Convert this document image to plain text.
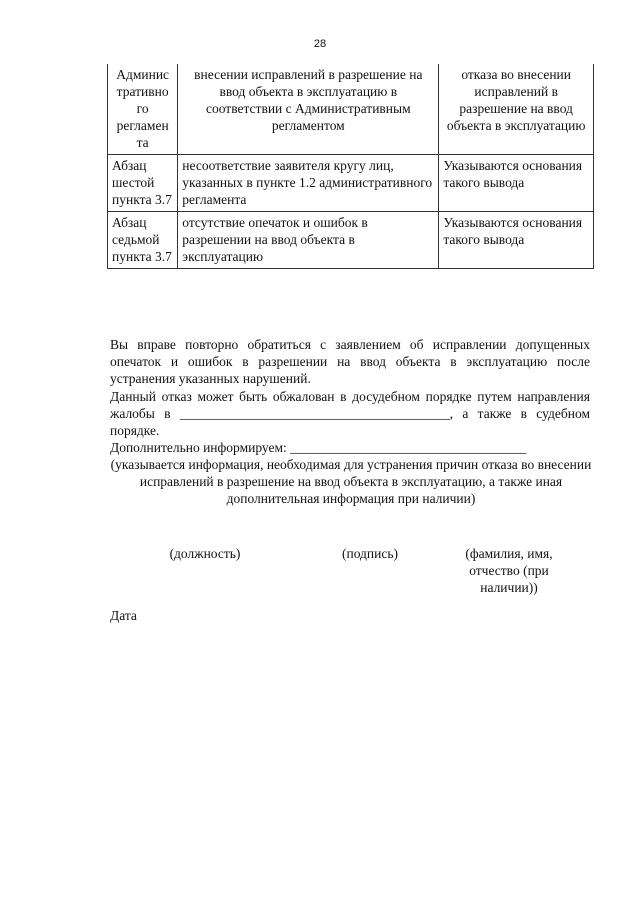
28
Админис тративно го регламен та	внесении исправлений в разрешение на ввод объекта в эксплуатацию в соответствии с Административным регламентом	отказа во внесении исправлений в разрешение на ввод объекта в эксплуатацию
Абзац шестой пункта 3.7	несоответствие заявителя кругу лиц, указанных в пункте 1.2 административного регламента	Указываются основания такого вывода
Абзац седьмой пункта 3.7	отсутствие опечаток и ошибок в разрешении на ввод объекта в эксплуатацию	Указываются основания такого вывода
Вы вправе повторно обратиться с заявлением об исправлении допущенных опечаток и ошибок в разрешении на ввод объекта в эксплуатацию после устранения указанных нарушений.
Данный отказ может быть обжалован в досудебном порядке путем направления жалобы в ________________________________________, а также в судебном порядке.
Дополнительно информируем: ___________________________________
(указывается информация, необходимая для устранения причин отказа во внесении исправлений в разрешение на ввод объекта в эксплуатацию, а также иная дополнительная информация при наличии)
(должность)	(подпись)	(фамилия, имя, отчество (при наличии))
Дата
